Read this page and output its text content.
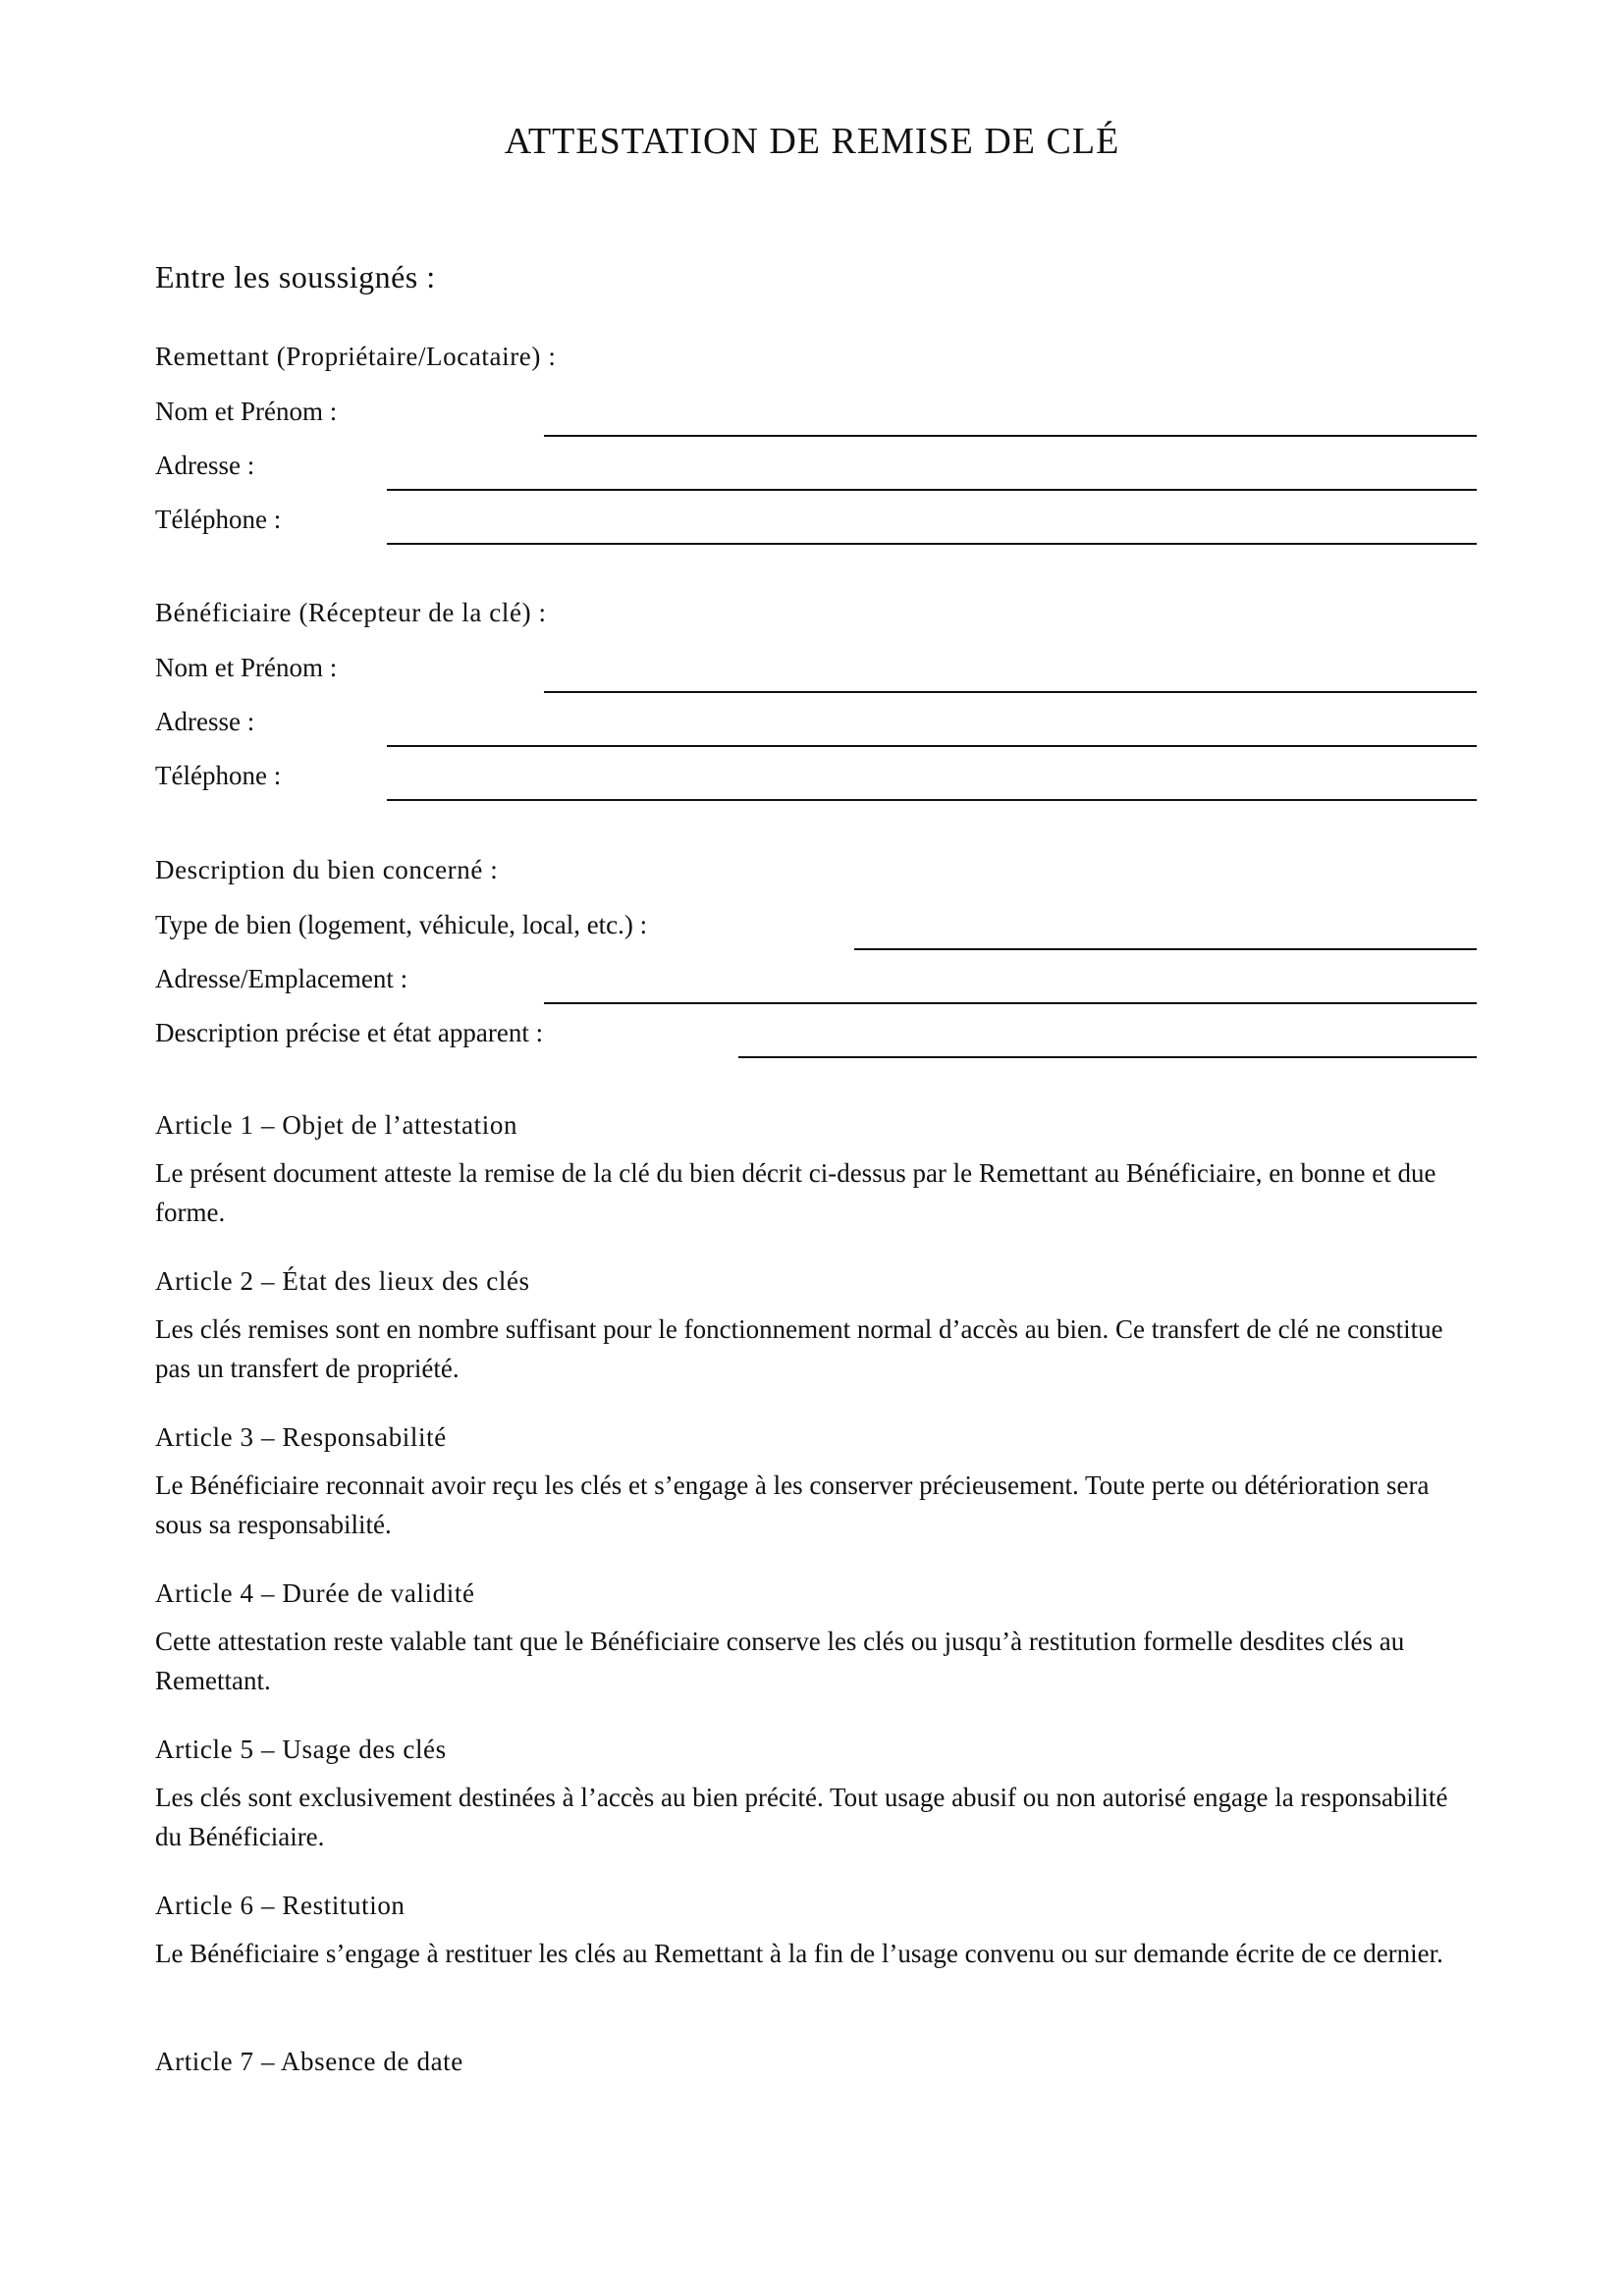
ATTESTATION DE REMISE DE CLÉ
Entre les soussignés :
Remettant (Propriétaire/Locataire) :
Nom et Prénom :
Adresse :
Téléphone :
Bénéficiaire (Récepteur de la clé) :
Nom et Prénom :
Adresse :
Téléphone :
Description du bien concerné :
Type de bien (logement, véhicule, local, etc.) :
Adresse/Emplacement :
Description précise et état apparent :
Article 1 – Objet de l’attestation
Le présent document atteste la remise de la clé du bien décrit ci-dessus par le Remettant au Bénéficiaire, en bonne et due forme.
Article 2 – État des lieux des clés
Les clés remises sont en nombre suffisant pour le fonctionnement normal d’accès au bien. Ce transfert de clé ne constitue pas un transfert de propriété.
Article 3 – Responsabilité
Le Bénéficiaire reconnait avoir reçu les clés et s’engage à les conserver précieusement. Toute perte ou détérioration sera sous sa responsabilité.
Article 4 – Durée de validité
Cette attestation reste valable tant que le Bénéficiaire conserve les clés ou jusqu’à restitution formelle desdites clés au Remettant.
Article 5 – Usage des clés
Les clés sont exclusivement destinées à l’accès au bien précité. Tout usage abusif ou non autorisé engage la responsabilité du Bénéficiaire.
Article 6 – Restitution
Le Bénéficiaire s’engage à restituer les clés au Remettant à la fin de l’usage convenu ou sur demande écrite de ce dernier.
Article 7 – Absence de date
